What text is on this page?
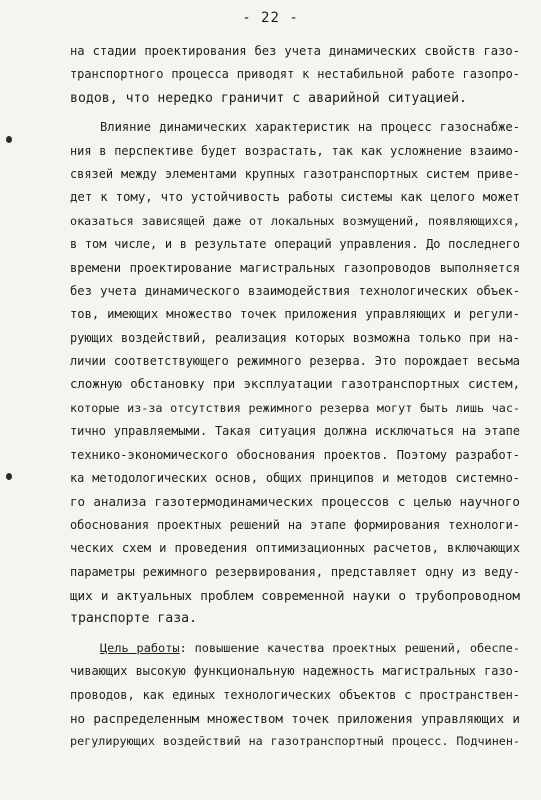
- 22 -
на стадии проектирования без учета динамических свойств газо-
транспортного процесса приводят к нестабильной работе газопро-
водов, что нередко граничит с аварийной ситуацией.
Влияние динамических характеристик на процесс газоснабже-
ния в перспективе будет возрастать, так как усложнение взаимо-
связей между элементами крупных газотранспортных систем приве-
дет к тому, что устойчивость работы системы как целого может
оказаться зависящей даже от локальных возмущений, появляющихся,
в том числе, и в результате операций управления. До последнего
времени проектирование магистральных газопроводов выполняется
без учета динамического взаимодействия технологических объек-
тов, имеющих множество точек приложения управляющих и регули-
рующих воздействий, реализация которых возможна только при на-
личии соответствующего режимного резерва. Это порождает весьма
сложную обстановку при эксплуатации газотранспортных систем,
которые из-за отсутствия режимного резерва могут быть лишь час-
тично управляемыми. Такая ситуация должна исключаться на этапе
технико-экономического обоснования проектов. Поэтому разработ-
ка методологических основ, общих принципов и методов системно-
го анализа газотермодинамических процессов с целью научного
обоснования проектных решений на этапе формирования технологи-
ческих схем и проведения оптимизационных расчетов, включающих
параметры режимного резервирования, представляет одну из веду-
щих и актуальных проблем современной науки о трубопроводном
транспорте газа.
Цель работы: повышение качества проектных решений, обеспе-
чивающих высокую функциональную надежность магистральных газо-
проводов, как единых технологических объектов с пространствен-
но распределенным множеством точек приложения управляющих и
регулирующих воздействий на газотранспортный процесс. Подчинен-
